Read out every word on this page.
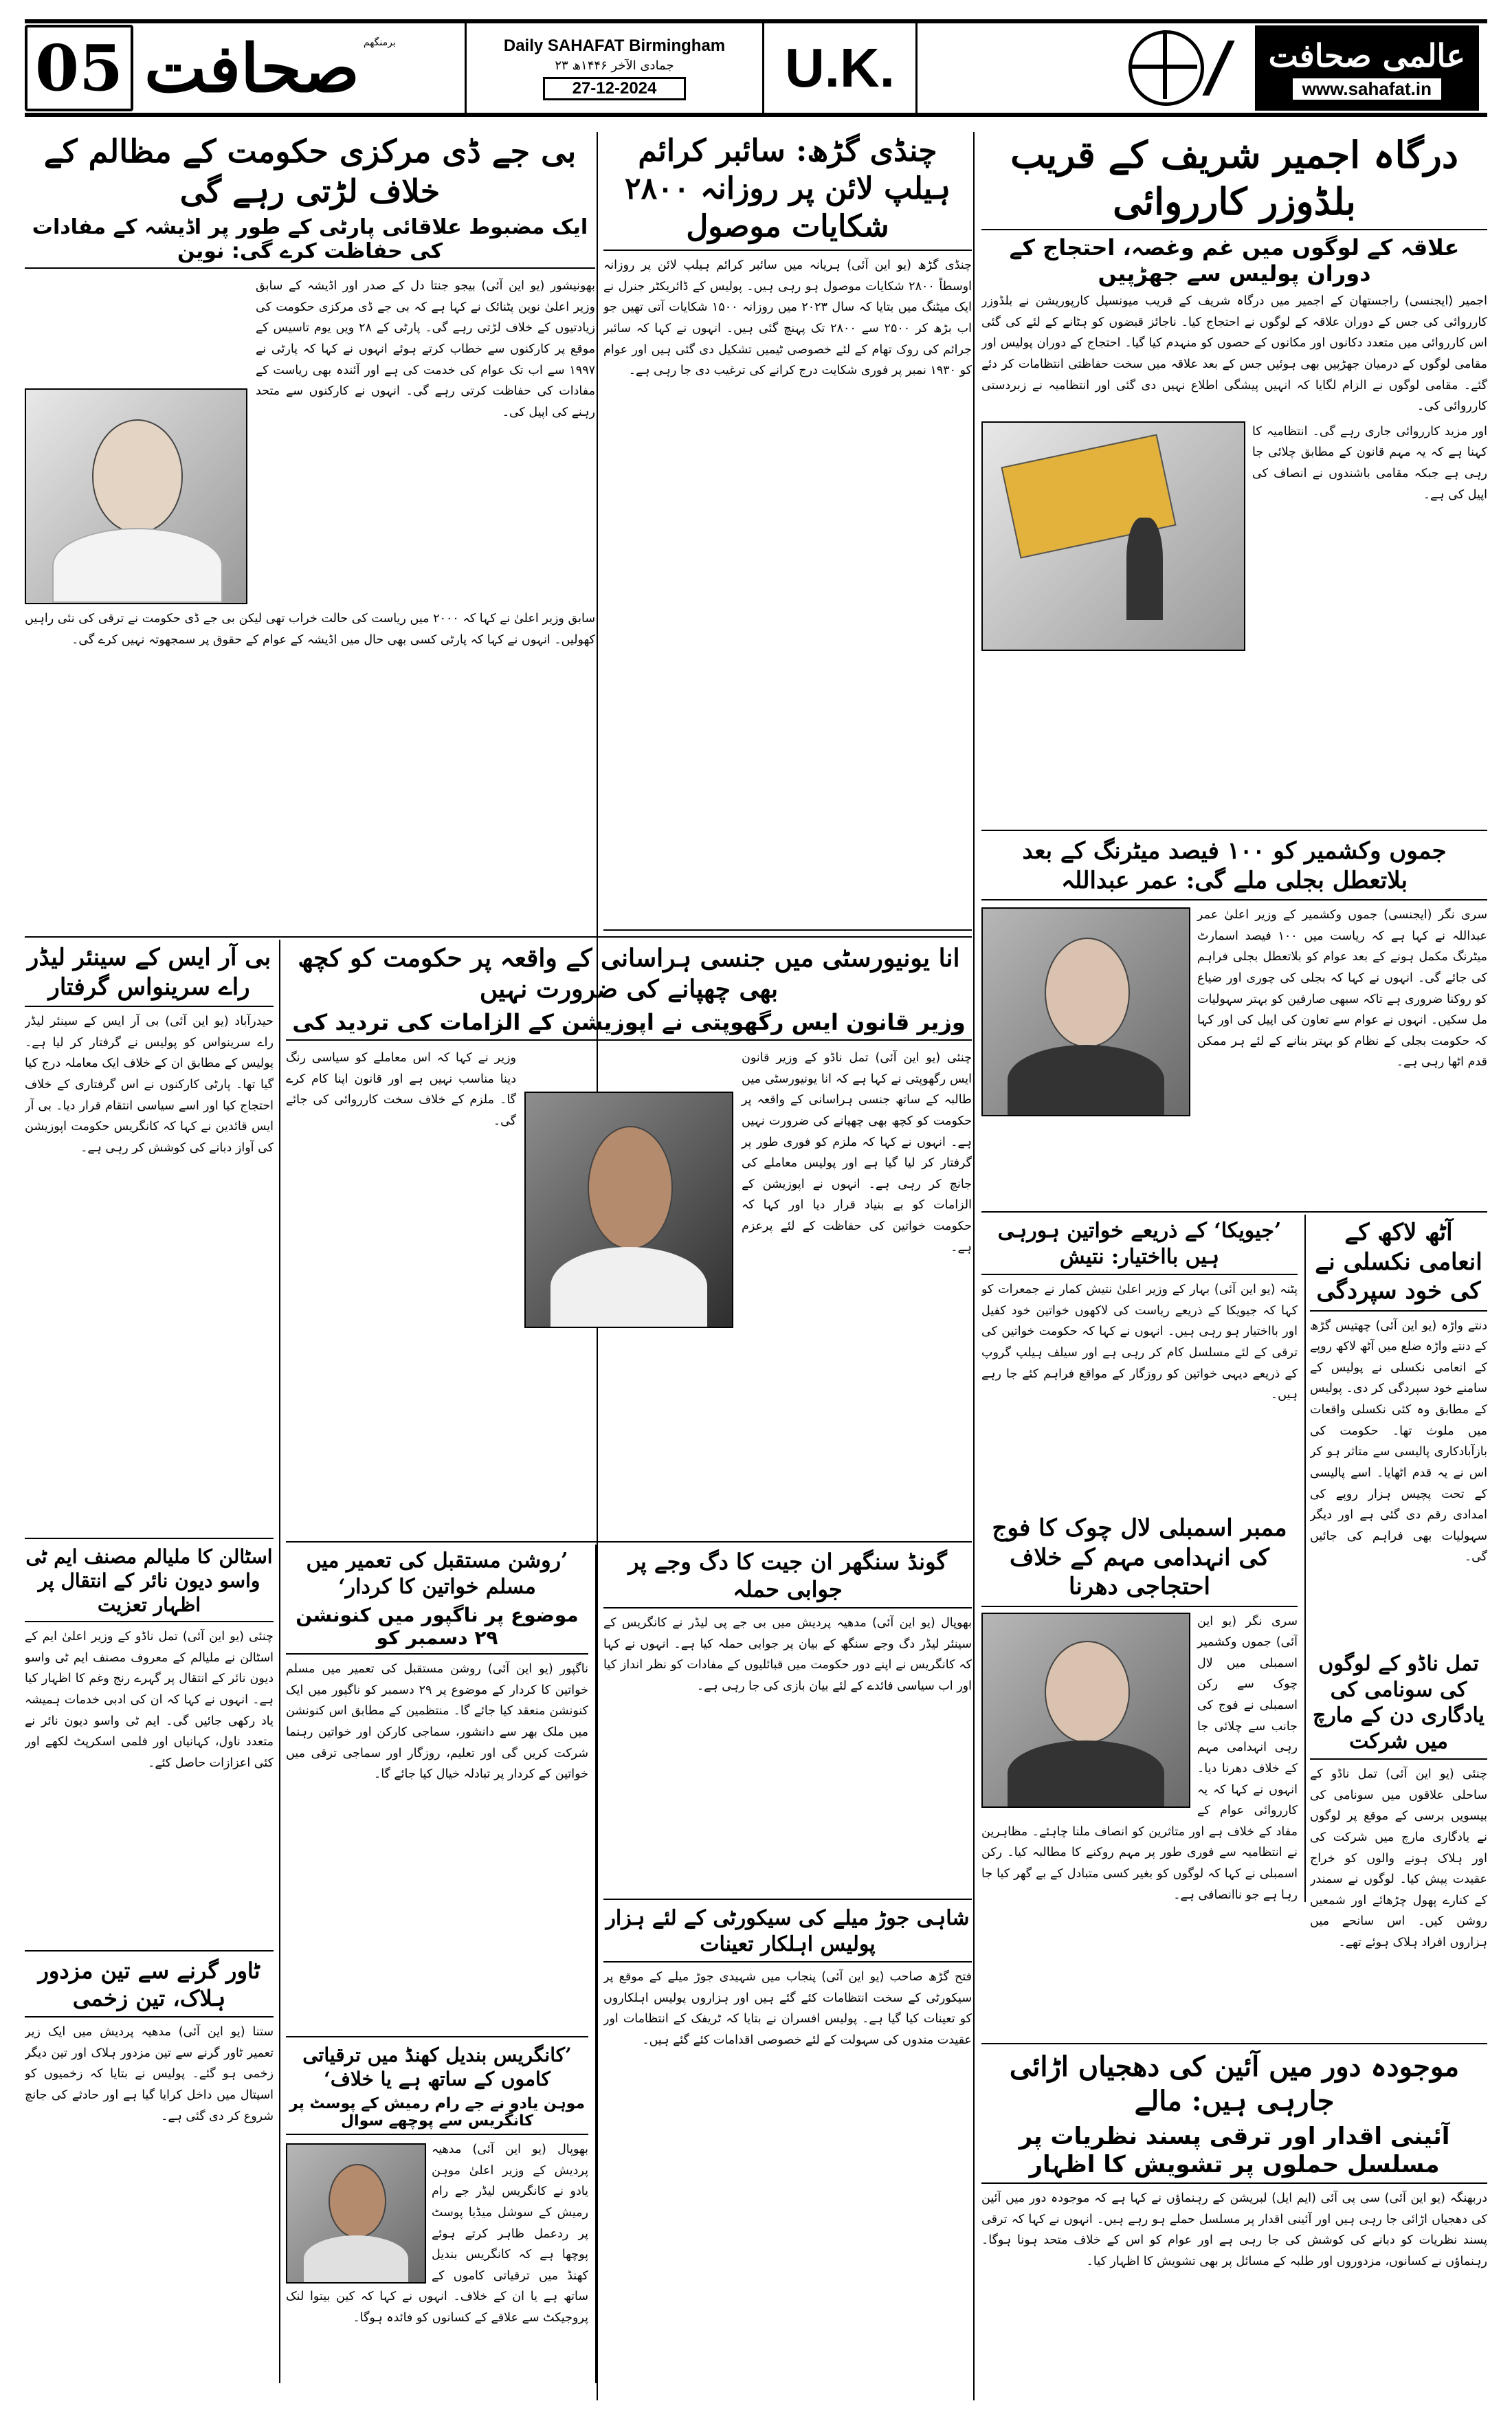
05 صحافت برمنگھم	Daily SAHAFAT Birmingham
۲۳ جمادی الآخر ۱۴۴۶ھ
27-12-2024	U.K.	عالمی صحافت
www.sahafat.in
درگاہ اجمیر شریف کے قریب بلڈوزر کارروائی
علاقہ کے لوگوں میں غم وغصہ، احتجاج کے دوران پولیس سے جھڑپیں

اجمیر (ایجنسی) راجستھان کے اجمیر میں درگاہ شریف کے قریب میونسپل کارپوریشن نے بلڈوزر کارروائی کی جس کے دوران علاقہ کے لوگوں نے احتجاج کیا۔ ناجائز قبضوں کو ہٹانے کے لئے کی گئی اس کارروائی میں متعدد دکانوں اور مکانوں کے حصوں کو منہدم کیا گیا۔ احتجاج کے دوران پولیس اور مقامی لوگوں کے درمیان جھڑپیں بھی ہوئیں جس کے بعد علاقہ میں سخت حفاظتی انتظامات کر دئے گئے۔ مقامی لوگوں نے الزام لگایا کہ انہیں پیشگی اطلاع نہیں دی گئی اور انتظامیہ نے زبردستی کارروائی کی۔

اور مزید کارروائی جاری رہے گی۔ انتظامیہ کا کہنا ہے کہ یہ مہم قانون کے مطابق چلائی جا رہی ہے جبکہ مقامی باشندوں نے انصاف کی اپیل کی ہے۔

جموں وکشمیر کو ۱۰۰ فیصد میٹرنگ کے بعد بلاتعطل بجلی ملے گی: عمر عبداللہ

سری نگر (ایجنسی) جموں وکشمیر کے وزیر اعلیٰ عمر عبداللہ نے کہا ہے کہ ریاست میں ۱۰۰ فیصد اسمارٹ میٹرنگ مکمل ہونے کے بعد عوام کو بلاتعطل بجلی فراہم کی جائے گی۔ انہوں نے کہا کہ بجلی کی چوری اور ضیاع کو روکنا ضروری ہے تاکہ سبھی صارفین کو بہتر سہولیات مل سکیں۔ انہوں نے عوام سے تعاون کی اپیل کی اور کہا کہ حکومت بجلی کے نظام کو بہتر بنانے کے لئے ہر ممکن قدم اٹھا رہی ہے۔

’جیویکا‘ کے ذریعے خواتین ہورہی ہیں بااختیار: نتیش

پٹنہ (یو این آئی) بہار کے وزیر اعلیٰ نتیش کمار نے جمعرات کو کہا کہ جیویکا کے ذریعے ریاست کی لاکھوں خواتین خود کفیل اور بااختیار ہو رہی ہیں۔ انہوں نے کہا کہ حکومت خواتین کی ترقی کے لئے مسلسل کام کر رہی ہے اور سیلف ہیلپ گروپ کے ذریعے دیہی خواتین کو روزگار کے مواقع فراہم کئے جا رہے ہیں۔

آٹھ لاکھ کے انعامی نکسلی نے کی خود سپردگی

دنتے واڑہ (یو این آئی) چھتیس گڑھ کے دنتے واڑہ ضلع میں آٹھ لاکھ روپے کے انعامی نکسلی نے پولیس کے سامنے خود سپردگی کر دی۔ پولیس کے مطابق وہ کئی نکسلی واقعات میں ملوث تھا۔ حکومت کی بازآبادکاری پالیسی سے متاثر ہو کر اس نے یہ قدم اٹھایا۔ اسے پالیسی کے تحت پچیس ہزار روپے کی امدادی رقم دی گئی ہے اور دیگر سہولیات بھی فراہم کی جائیں گی۔

تمل ناڈو کے لوگوں کی سونامی کی یادگاری دن کے مارچ میں شرکت

چنئی (یو این آئی) تمل ناڈو کے ساحلی علاقوں میں سونامی کی بیسویں برسی کے موقع پر لوگوں نے یادگاری مارچ میں شرکت کی اور ہلاک ہونے والوں کو خراج عقیدت پیش کیا۔ لوگوں نے سمندر کے کنارے پھول چڑھائے اور شمعیں روشن کیں۔ اس سانحے میں ہزاروں افراد ہلاک ہوئے تھے۔

ممبر اسمبلی لال چوک کا فوج کی انہدامی مہم کے خلاف احتجاجی دھرنا

سری نگر (یو این آئی) جموں وکشمیر اسمبلی میں لال چوک سے رکن اسمبلی نے فوج کی جانب سے چلائی جا رہی انہدامی مہم کے خلاف دھرنا دیا۔ انہوں نے کہا کہ یہ کارروائی عوام کے مفاد کے خلاف ہے اور متاثرین کو انصاف ملنا چاہئے۔ مظاہرین نے انتظامیہ سے فوری طور پر مہم روکنے کا مطالبہ کیا۔ رکن اسمبلی نے کہا کہ لوگوں کو بغیر کسی متبادل کے بے گھر کیا جا رہا ہے جو ناانصافی ہے۔

موجودہ دور میں آئین کی دھجیاں اڑائی جارہی ہیں: مالے
آئینی اقدار اور ترقی پسند نظریات پر مسلسل حملوں پر تشویش کا اظہار

دربھنگہ (یو این آئی) سی پی آئی (ایم ایل) لبریشن کے رہنماؤں نے کہا ہے کہ موجودہ دور میں آئین کی دھجیاں اڑائی جا رہی ہیں اور آئینی اقدار پر مسلسل حملے ہو رہے ہیں۔ انہوں نے کہا کہ ترقی پسند نظریات کو دبانے کی کوشش کی جا رہی ہے اور عوام کو اس کے خلاف متحد ہونا ہوگا۔ رہنماؤں نے کسانوں، مزدوروں اور طلبہ کے مسائل پر بھی تشویش کا اظہار کیا۔

چنڈی گڑھ: سائبر کرائم ہیلپ لائن پر روزانہ ۲۸۰۰ شکایات موصول

چنڈی گڑھ (یو این آئی) ہریانہ میں سائبر کرائم ہیلپ لائن پر روزانہ اوسطاً ۲۸۰۰ شکایات موصول ہو رہی ہیں۔ پولیس کے ڈائریکٹر جنرل نے ایک میٹنگ میں بتایا کہ سال ۲۰۲۳ میں روزانہ ۱۵۰۰ شکایات آتی تھیں جو اب بڑھ کر ۲۵۰۰ سے ۲۸۰۰ تک پہنچ گئی ہیں۔ انہوں نے کہا کہ سائبر جرائم کی روک تھام کے لئے خصوصی ٹیمیں تشکیل دی گئی ہیں اور عوام کو ۱۹۳۰ نمبر پر فوری شکایت درج کرانے کی ترغیب دی جا رہی ہے۔

بی جے ڈی مرکزی حکومت کے مظالم کے خلاف لڑتی رہے گی
ایک مضبوط علاقائی پارٹی کے طور پر اڈیشہ کے مفادات کی حفاظت کرے گی: نوین

بھونیشور (یو این آئی) بیجو جنتا دل کے صدر اور اڈیشہ کے سابق وزیر اعلیٰ نوین پٹنائک نے کہا ہے کہ بی جے ڈی مرکزی حکومت کی زیادتیوں کے خلاف لڑتی رہے گی۔ پارٹی کے ۲۸ ویں یوم تاسیس کے موقع پر کارکنوں سے خطاب کرتے ہوئے انہوں نے کہا کہ پارٹی نے ۱۹۹۷ سے اب تک عوام کی خدمت کی ہے اور آئندہ بھی ریاست کے مفادات کی حفاظت کرتی رہے گی۔ انہوں نے کارکنوں سے متحد رہنے کی اپیل کی۔

سابق وزیر اعلیٰ نے کہا کہ ۲۰۰۰ میں ریاست کی حالت خراب تھی لیکن بی جے ڈی حکومت نے ترقی کی نئی راہیں کھولیں۔ انہوں نے کہا کہ پارٹی کسی بھی حال میں اڈیشہ کے عوام کے حقوق پر سمجھوتہ نہیں کرے گی۔

انا یونیورسٹی میں جنسی ہراسانی کے واقعہ پر حکومت کو کچھ بھی چھپانے کی ضرورت نہیں
وزیر قانون ایس رگھوپتی نے اپوزیشن کے الزامات کی تردید کی

چنئی (یو این آئی) تمل ناڈو کے وزیر قانون ایس رگھوپتی نے کہا ہے کہ انا یونیورسٹی میں طالبہ کے ساتھ جنسی ہراسانی کے واقعہ پر حکومت کو کچھ بھی چھپانے کی ضرورت نہیں ہے۔ انہوں نے کہا کہ ملزم کو فوری طور پر گرفتار کر لیا گیا ہے اور پولیس معاملے کی جانچ کر رہی ہے۔ انہوں نے اپوزیشن کے الزامات کو بے بنیاد قرار دیا اور کہا کہ حکومت خواتین کی حفاظت کے لئے پرعزم ہے۔

وزیر نے کہا کہ اس معاملے کو سیاسی رنگ دینا مناسب نہیں ہے اور قانون اپنا کام کرے گا۔ ملزم کے خلاف سخت کارروائی کی جائے گی۔

بی آر ایس کے سینئر لیڈر راے سرینواس گرفتار

حیدرآباد (یو این آئی) بی آر ایس کے سینئر لیڈر راے سرینواس کو پولیس نے گرفتار کر لیا ہے۔ پولیس کے مطابق ان کے خلاف ایک معاملہ درج کیا گیا تھا۔ پارٹی کارکنوں نے اس گرفتاری کے خلاف احتجاج کیا اور اسے سیاسی انتقام قرار دیا۔ بی آر ایس قائدین نے کہا کہ کانگریس حکومت اپوزیشن کی آواز دبانے کی کوشش کر رہی ہے۔

اسٹالن کا ملیالم مصنف ایم ٹی واسو دیون نائر کے انتقال پر اظہار تعزیت

چنئی (یو این آئی) تمل ناڈو کے وزیر اعلیٰ ایم کے اسٹالن نے ملیالم کے معروف مصنف ایم ٹی واسو دیون نائر کے انتقال پر گہرے رنج وغم کا اظہار کیا ہے۔ انہوں نے کہا کہ ان کی ادبی خدمات ہمیشہ یاد رکھی جائیں گی۔ ایم ٹی واسو دیون نائر نے متعدد ناول، کہانیاں اور فلمی اسکرپٹ لکھے اور کئی اعزازات حاصل کئے۔

ٹاور گرنے سے تین مزدور ہلاک، تین زخمی

ستنا (یو این آئی) مدھیہ پردیش میں ایک زیر تعمیر ٹاور گرنے سے تین مزدور ہلاک اور تین دیگر زخمی ہو گئے۔ پولیس نے بتایا کہ زخمیوں کو اسپتال میں داخل کرایا گیا ہے اور حادثے کی جانچ شروع کر دی گئی ہے۔

’روشن مستقبل کی تعمیر میں مسلم خواتین کا کردار‘
موضوع پر ناگپور میں کنونشن ۲۹ دسمبر کو

ناگپور (یو این آئی) روشن مستقبل کی تعمیر میں مسلم خواتین کا کردار کے موضوع پر ۲۹ دسمبر کو ناگپور میں ایک کنونشن منعقد کیا جائے گا۔ منتظمین کے مطابق اس کنونشن میں ملک بھر سے دانشور، سماجی کارکن اور خواتین رہنما شرکت کریں گی اور تعلیم، روزگار اور سماجی ترقی میں خواتین کے کردار پر تبادلہ خیال کیا جائے گا۔

گونڈ سنگھر ان جیت کا دگ وجے پر جوابی حملہ

بھوپال (یو این آئی) مدھیہ پردیش میں بی جے پی لیڈر نے کانگریس کے سینئر لیڈر دگ وجے سنگھ کے بیان پر جوابی حملہ کیا ہے۔ انہوں نے کہا کہ کانگریس نے اپنے دور حکومت میں قبائلیوں کے مفادات کو نظر انداز کیا اور اب سیاسی فائدے کے لئے بیان بازی کی جا رہی ہے۔

شاہی جوڑ میلے کی سیکورٹی کے لئے ہزار پولیس اہلکار تعینات

فتح گڑھ صاحب (یو این آئی) پنجاب میں شہیدی جوڑ میلے کے موقع پر سیکورٹی کے سخت انتظامات کئے گئے ہیں اور ہزاروں پولیس اہلکاروں کو تعینات کیا گیا ہے۔ پولیس افسران نے بتایا کہ ٹریفک کے انتظامات اور عقیدت مندوں کی سہولت کے لئے خصوصی اقدامات کئے گئے ہیں۔

’کانگریس بندیل کھنڈ میں ترقیاتی کاموں کے ساتھ ہے یا خلاف‘
موہن یادو نے جے رام رمیش کے پوسٹ پر کانگریس سے پوچھے سوال

بھوپال (یو این آئی) مدھیہ پردیش کے وزیر اعلیٰ موہن یادو نے کانگریس لیڈر جے رام رمیش کے سوشل میڈیا پوسٹ پر ردعمل ظاہر کرتے ہوئے پوچھا ہے کہ کانگریس بندیل کھنڈ میں ترقیاتی کاموں کے ساتھ ہے یا ان کے خلاف۔ انہوں نے کہا کہ کین بیتوا لنک پروجیکٹ سے علاقے کے کسانوں کو فائدہ ہوگا۔
